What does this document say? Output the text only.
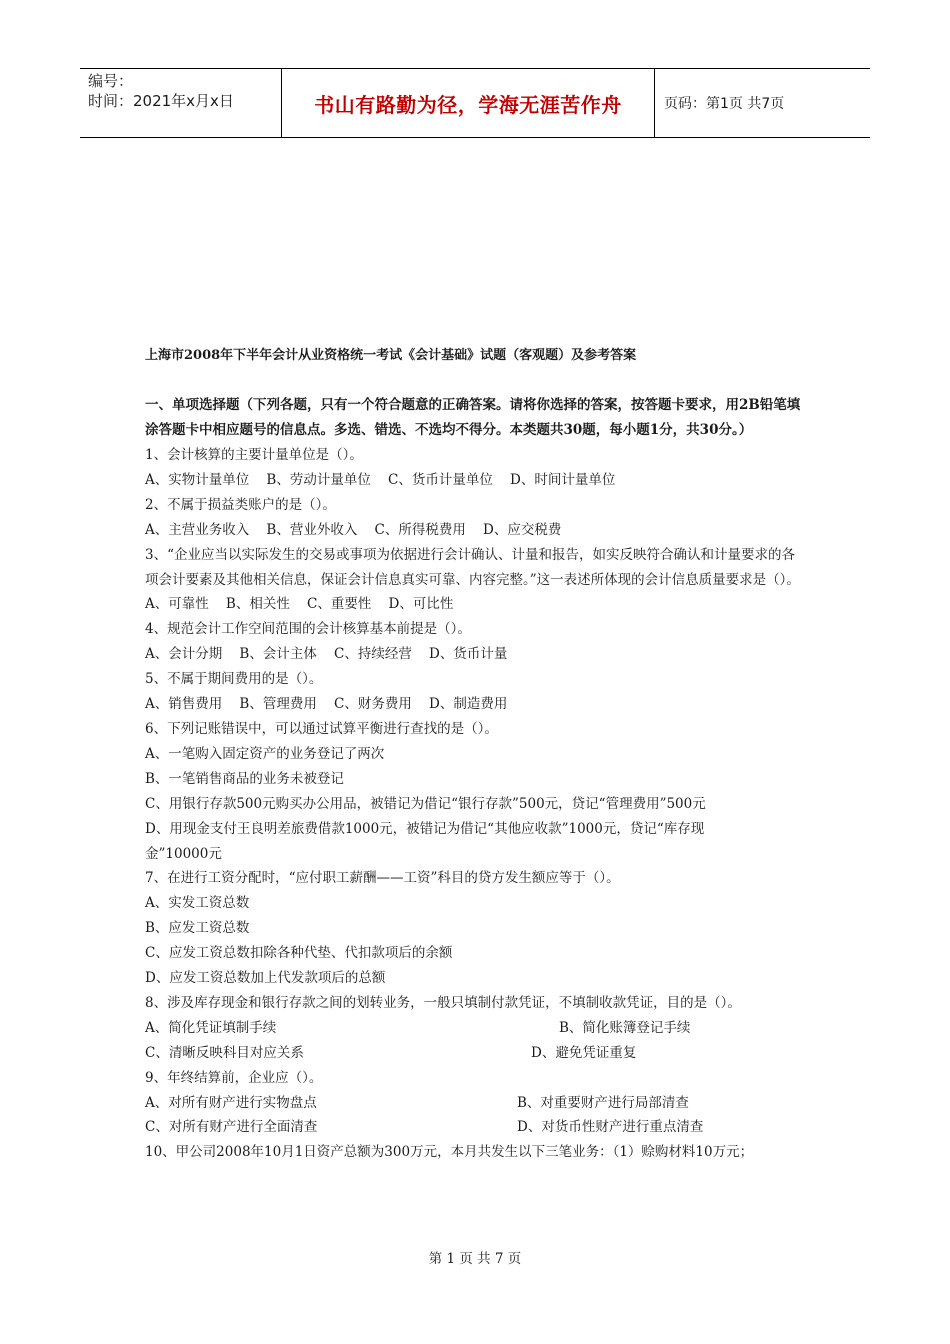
编号：
时间：2021年x月x日	书山有路勤为径，学海无涯苦作舟	页码：第1页 共7页
上海市2008年下半年会计从业资格统一考试《会计基础》试题（客观题）及参考答案
一、单项选择题（下列各题，只有一个符合题意的正确答案。请将你选择的答案，按答题卡要求，用2B铅笔填涂答题卡中相应题号的信息点。多选、错选、不选均不得分。本类题共30题，每小题1分，共30分。）
1、会计核算的主要计量单位是（）。
A、实物计量单位    B、劳动计量单位    C、货币计量单位    D、时间计量单位
2、不属于损益类账户的是（）。
A、主营业务收入    B、营业外收入    C、所得税费用    D、应交税费
3、“企业应当以实际发生的交易或事项为依据进行会计确认、计量和报告，如实反映符合确认和计量要求的各项会计要素及其他相关信息，保证会计信息真实可靠、内容完整。”这一表述所体现的会计信息质量要求是（）。
A、可靠性    B、相关性    C、重要性    D、可比性
4、规范会计工作空间范围的会计核算基本前提是（）。
A、会计分期    B、会计主体    C、持续经营    D、货币计量
5、不属于期间费用的是（）。
A、销售费用    B、管理费用    C、财务费用    D、制造费用
6、下列记账错误中，可以通过试算平衡进行查找的是（）。
A、一笔购入固定资产的业务登记了两次
B、一笔销售商品的业务未被登记
C、用银行存款500元购买办公用品，被错记为借记“银行存款”500元，贷记“管理费用”500元
D、用现金支付王良明差旅费借款1000元，被错记为借记“其他应收款”1000元，贷记“库存现
金”10000元
7、在进行工资分配时，“应付职工薪酬——工资”科目的贷方发生额应等于（）。
A、实发工资总数
B、应发工资总数
C、应发工资总数扣除各种代垫、代扣款项后的余额
D、应发工资总数加上代发款项后的总额
8、涉及库存现金和银行存款之间的划转业务，一般只填制付款凭证，不填制收款凭证，目的是（）。
A、简化凭证填制手续	B、简化账簿登记手续
C、清晰反映科目对应关系	D、避免凭证重复
9、年终结算前，企业应（）。
A、对所有财产进行实物盘点	B、对重要财产进行局部清查
C、对所有财产进行全面清查	D、对货币性财产进行重点清查
10、甲公司2008年10月1日资产总额为300万元，本月共发生以下三笔业务：（1）赊购材料10万元；
第 1 页 共 7 页
